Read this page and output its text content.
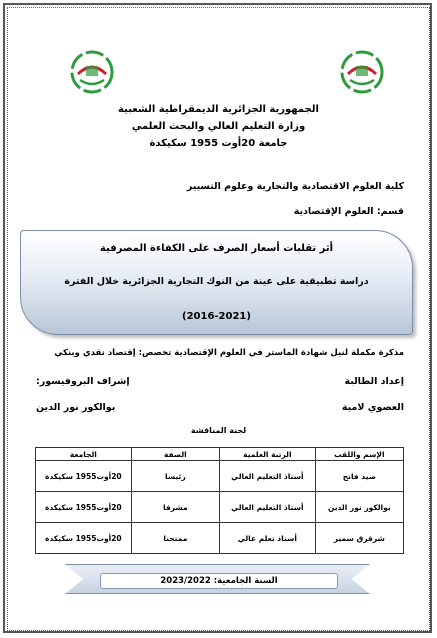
الجمهورية الجزائرية الديمقراطية الشعبية
وزارة التعليم العالي والبحث العلمي
جامعة 20أوت 1955 سكيكدة
كلية العلوم الاقتصادية والتجارية وعلوم التسيير
قسم: العلوم الإقتصادية
أثر تقلبات أسعار الصرف على الكفاءة المصرفية
دراسة تطبيقية على عينة من النوك التجارية الجزائرية خلال الفترة
(2016-2021)
مذكرة مكملة لنيل شهادة الماستر في العلوم الإقتصادية تخصص: إقتصاد نقدي وبنكي
إعداد الطالبة
إشراف البروفيسور:
العصوي لامية
بوالكور نور الدين
لجنة المناقشة
الإسم واللقب	الرتبة العلمية	الصفة	الجامعة
صيد فاتح	أستاذ التعليم العالي	رئيسا	20أوت1955 سكيكدة
بوالكور نور الدين	أستاذ التعليم العالي	مشرفا	20أوت1955 سكيكدة
شرقرق سمير	أستاذ تعلم عالي	ممتحنا	20أوت1955 سكيكدة
السنة الجامعية: 2023/2022
